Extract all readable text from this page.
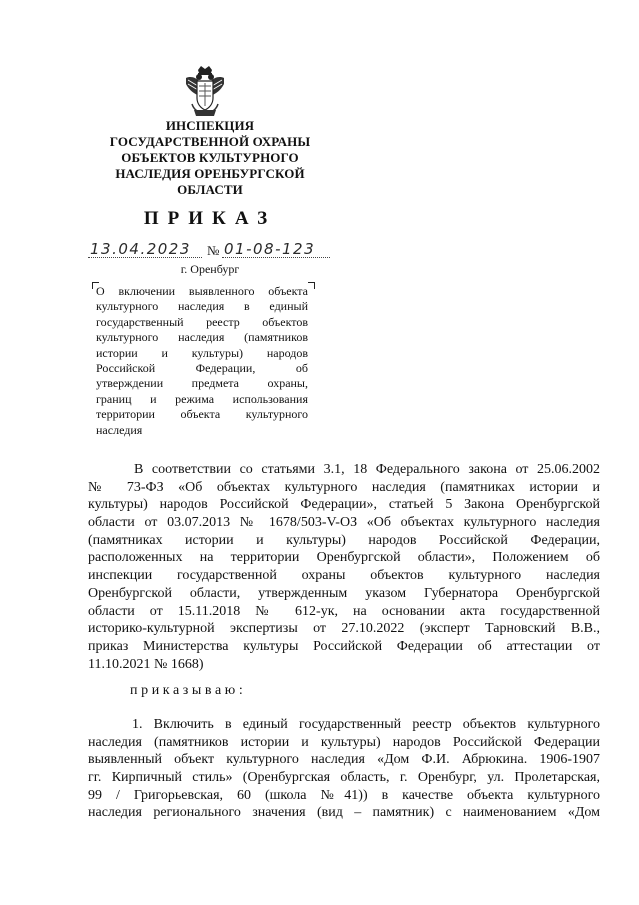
ИНСПЕКЦИЯ
ГОСУДАРСТВЕННОЙ ОХРАНЫ
ОБЪЕКТОВ КУЛЬТУРНОГО
НАСЛЕДИЯ ОРЕНБУРГСКОЙ
ОБЛАСТИ
ПРИКАЗ
13.04.2023 № 01-08-123
г. Оренбург
О включении выявленного объекта
культурного наследия в единый
государственный реестр объектов
культурного наследия (памятников
истории и культуры) народов
Российской Федерации, об
утверждении предмета охраны,
границ и режима использования
территории объекта культурного
наследия
В соответствии со статьями 3.1, 18 Федерального закона от 25.06.2002
№ 73-ФЗ «Об объектах культурного наследия (памятниках истории и
культуры) народов Российской Федерации», статьей 5 Закона Оренбургской
области от 03.07.2013 № 1678/503-V-ОЗ «Об объектах культурного наследия
(памятниках истории и культуры) народов Российской Федерации,
расположенных на территории Оренбургской области», Положением об
инспекции государственной охраны объектов культурного наследия
Оренбургской области, утвержденным указом Губернатора Оренбургской
области от 15.11.2018 № 612-ук, на основании акта государственной
историко-культурной экспертизы от 27.10.2022 (эксперт Тарновский В.В.,
приказ Министерства культуры Российской Федерации об аттестации от
11.10.2021 № 1668)
приказываю:
1. Включить в единый государственный реестр объектов культурного
наследия (памятников истории и культуры) народов Российской Федерации
выявленный объект культурного наследия «Дом Ф.И. Абрюкина. 1906-1907
гг. Кирпичный стиль» (Оренбургская область, г. Оренбург, ул. Пролетарская,
99 / Григорьевская, 60 (школа №41)) в качестве объекта культурного
наследия регионального значения (вид – памятник) с наименованием «Дом
